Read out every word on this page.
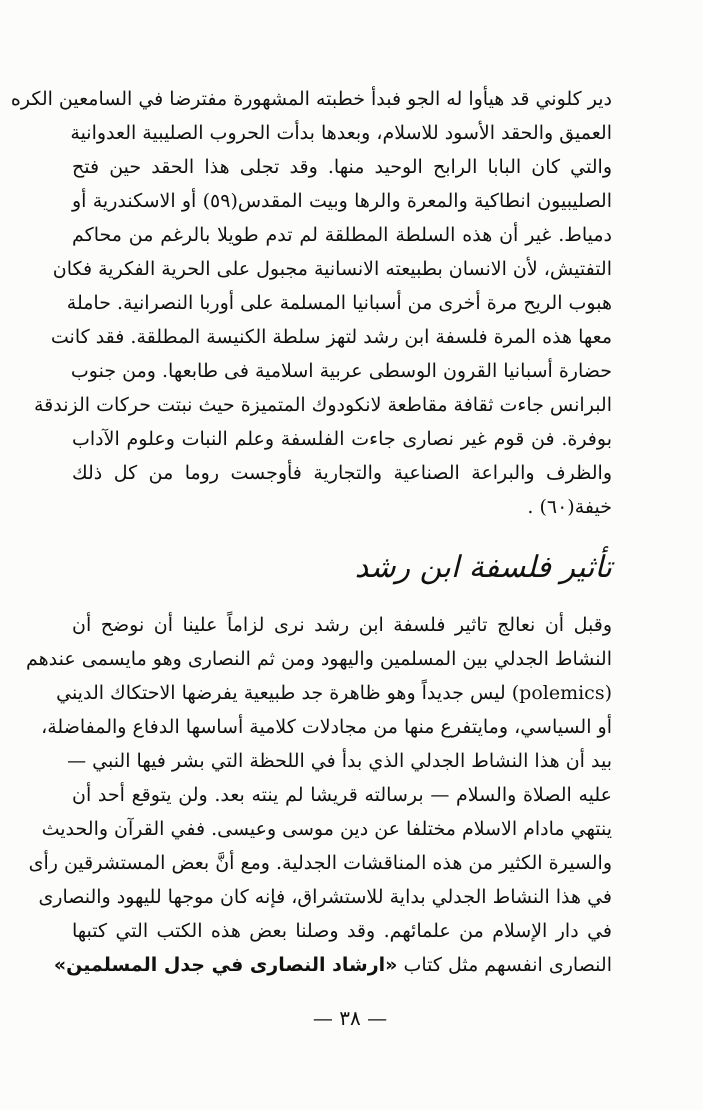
دير كلوني قد هيأوا له الجو فبدأ خطبته المشهورة مفترضا في السامعين الكره
العميق والحقد الأسود للاسلام، وبعدها بدأت الحروب الصليبية العدوانية
والتي كان البابا الرابح الوحيد منها. وقد تجلى هذا الحقد حين فتح
الصليبيون انطاكية والمعرة والرها وبيت المقدس(٥٩) أو الاسكندرية أو
دمياط. غير أن هذه السلطة المطلقة لم تدم طويلا بالرغم من محاكم
التفتيش، لأن الانسان بطبيعته الانسانية مجبول على الحرية الفكرية فكان
هبوب الريح مرة أخرى من أسبانيا المسلمة على أوربا النصرانية. حاملة
معها هذه المرة فلسفة ابن رشد لتهز سلطة الكنيسة المطلقة. فقد كانت
حضارة أسبانيا القرون الوسطى عربية اسلامية فى طابعها. ومن جنوب
البرانس جاءت ثقافة مقاطعة لانكودوك المتميزة حيث نبتت حركات الزندقة
بوفرة. فن قوم غير نصارى جاءت الفلسفة وعلم النبات وعلوم الآداب
والظرف والبراعة الصناعية والتجارية فأوجست روما من كل ذلك
خيفة(٦٠) .
تأثير فلسفة ابن رشد
وقبل أن نعالج تاثير فلسفة ابن رشد نرى لزاماً علينا أن نوضح أن
النشاط الجدلي بين المسلمين واليهود ومن ثم النصارى وهو مايسمى عندهم
(polemics) ليس جديداً وهو ظاهرة جد طبيعية يفرضها الاحتكاك الديني
أو السياسي، ومايتفرع منها من مجادلات كلامية أساسها الدفاع والمفاضلة،
بيد أن هذا النشاط الجدلي الذي بدأ في اللحظة التي بشر فيها النبي —
عليه الصلاة والسلام — برسالته قريشا لم ينته بعد. ولن يتوقع أحد أن
ينتهي مادام الاسلام مختلفا عن دين موسى وعيسى. ففي القرآن والحديث
والسيرة الكثير من هذه المناقشات الجدلية. ومع أنَّ بعض المستشرقين رأى
في هذا النشاط الجدلي بداية للاستشراق، فإنه كان موجها لليهود والنصارى
في دار الإسلام من علمائهم. وقد وصلنا بعض هذه الكتب التي كتبها
النصارى انفسهم مثل كتاب «ارشاد النصارى في جدل المسلمين»
— ٣٨ —
